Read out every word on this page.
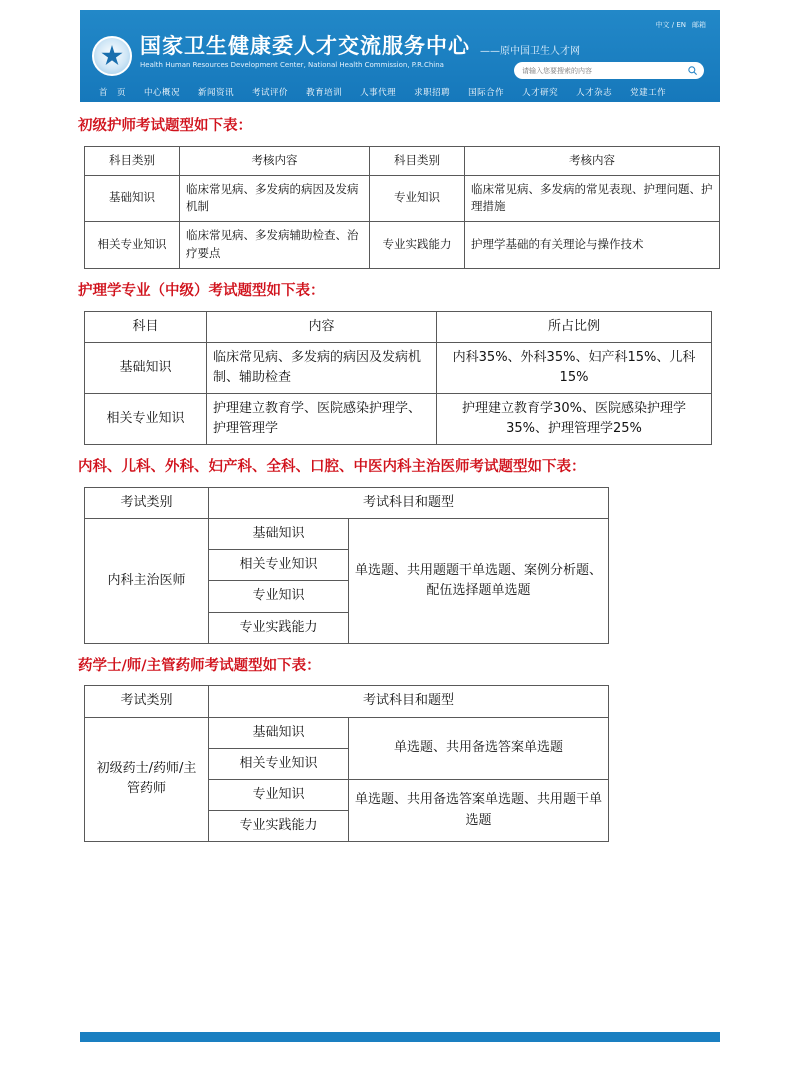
中文 / EN 邮箱
国家卫生健康委人才交流服务中心 ——原中国卫生人才网
Health Human Resources Development Center, National Health Commission, P.R.China
请输入您要搜索的内容
首　页	中心概况	新闻资讯	考试评价	教育培训	人事代理	求职招聘	国际合作	人才研究	人才杂志	党建工作
初级护师考试题型如下表：
科目类别	考核内容	科目类别	考核内容
基础知识	临床常见病、多发病的病因及发病机制	专业知识	临床常见病、多发病的常见表现、护理问题、护理措施
相关专业知识	临床常见病、多发病辅助检查、治疗要点	专业实践能力	护理学基础的有关理论与操作技术
护理学专业（中级）考试题型如下表：
科目	内容	所占比例
基础知识	临床常见病、多发病的病因及发病机制、辅助检查	内科35%、外科35%、妇产科15%、儿科15%
相关专业知识	护理建立教育学、医院感染护理学、护理管理学	护理建立教育学30%、医院感染护理学35%、护理管理学25%
内科、儿科、外科、妇产科、全科、口腔、中医内科主治医师考试题型如下表：
考试类别	考试科目和题型	
内科主治医师	基础知识	单选题、共用题题干单选题、案例分析题、配伍选择题单选题
	相关专业知识	
	专业知识	
	专业实践能力	
药学士/师/主管药师考试题型如下表：
考试类别	考试科目和题型	
初级药士/药师/主管药师	基础知识	单选题、共用备选答案单选题
	相关专业知识	
	专业知识	单选题、共用备选答案单选题、共用题干单选题
	专业实践能力	
